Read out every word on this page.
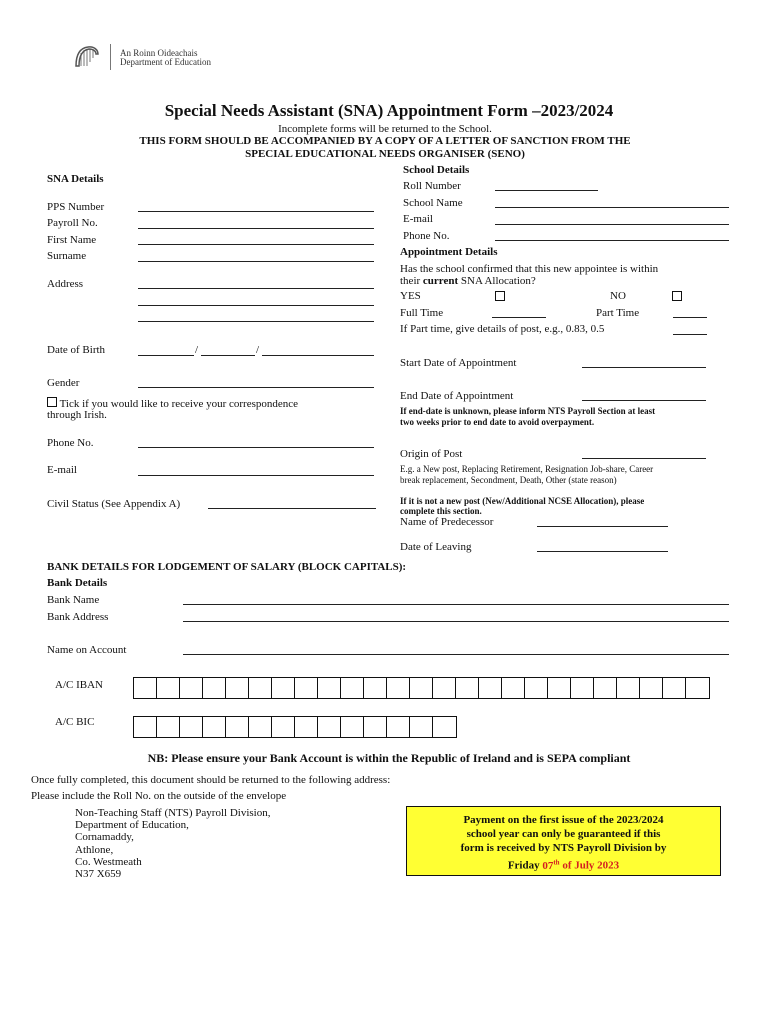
An Roinn Oideachais
Department of Education
Special Needs Assistant (SNA) Appointment Form –2023/2024
Incomplete forms will be returned to the School.
THIS FORM SHOULD BE ACCOMPANIED BY A COPY OF A LETTER OF SANCTION FROM THE
SPECIAL EDUCATIONAL NEEDS ORGANISER (SENO)
SNA Details
PPS Number
Payroll No.
First Name
Surname
Address
Date of Birth	/	/
Gender
Tick if you would like to receive your correspondence
through Irish.
Phone No.
E-mail
Civil Status (See Appendix A)
School Details
Roll Number
School Name
E-mail
Phone No.
Appointment Details
Has the school confirmed that this new appointee is within
their current SNA Allocation?
YES	NO
Full Time	Part Time
If Part time, give details of post, e.g., 0.83, 0.5
Start Date of Appointment
End Date of Appointment
If end-date is unknown, please inform NTS Payroll Section at least
two weeks prior to end date to avoid overpayment.
Origin of Post
E.g. a New post, Replacing Retirement, Resignation Job-share, Career
break replacement, Secondment, Death, Other (state reason)
If it is not a new post (New/Additional NCSE Allocation), please
complete this section.
Name of Predecessor
Date of Leaving
BANK DETAILS FOR LODGEMENT OF SALARY (BLOCK CAPITALS):
Bank Details
Bank Name
Bank Address
Name on Account
A/C IBAN
A/C BIC
NB: Please ensure your Bank Account is within the Republic of Ireland and is SEPA compliant
Once fully completed, this document should be returned to the following address:
Please include the Roll No. on the outside of the envelope
Non-Teaching Staff (NTS) Payroll Division,
Department of Education,
Cornamaddy,
Athlone,
Co. Westmeath
N37 X659
Payment on the first issue of the 2023/2024
school year can only be guaranteed if this
form is received by NTS Payroll Division by
Friday 07th of July 2023
